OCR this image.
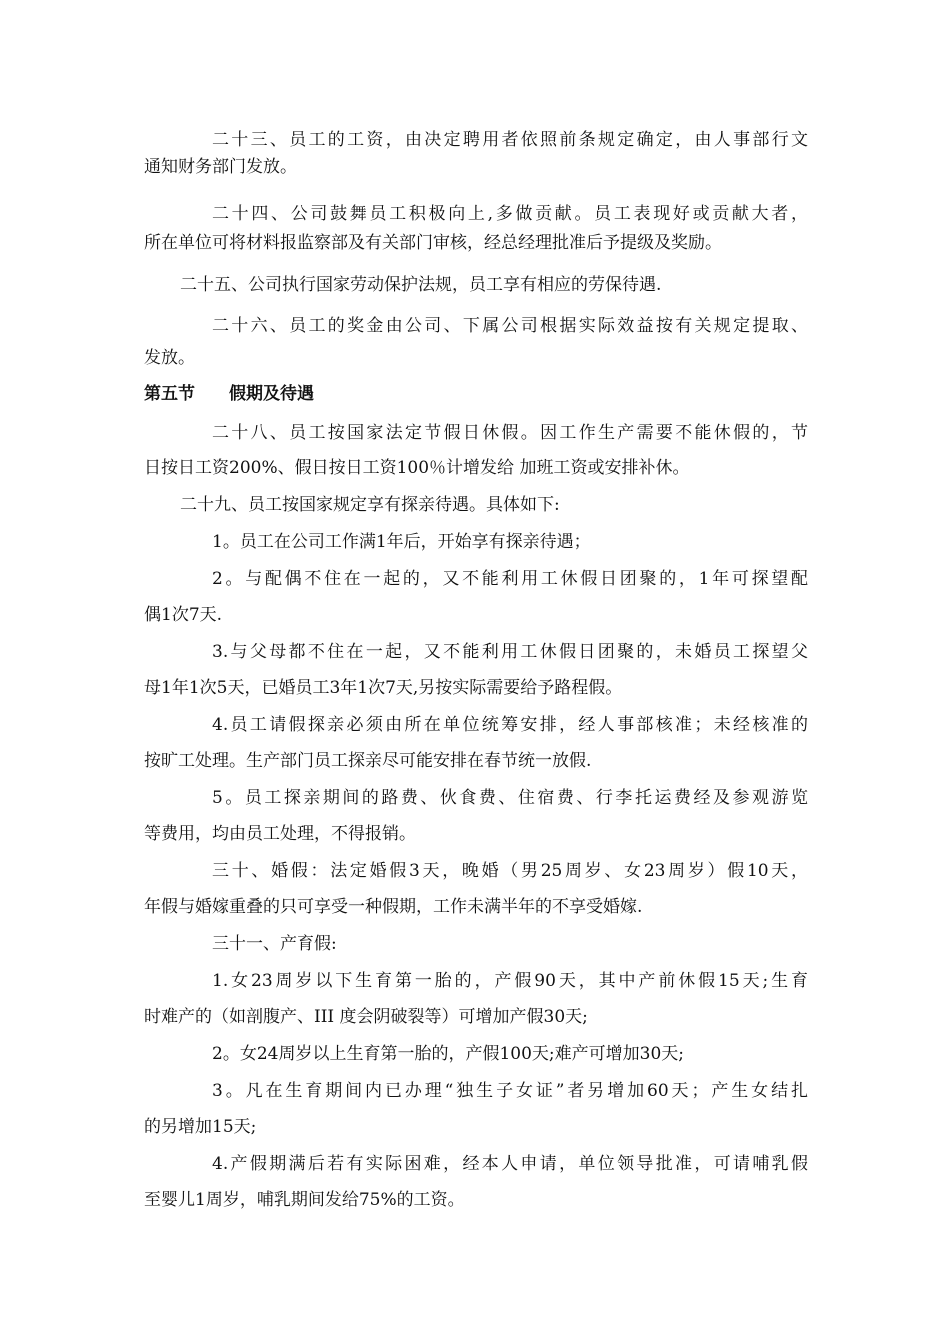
二十三、员工的工资，由决定聘用者依照前条规定确定，由人事部行文
通知财务部门发放。
二十四、公司鼓舞员工积极向上,多做贡献。员工表现好或贡献大者，
所在单位可将材料报监察部及有关部门审核，经总经理批准后予提级及奖励。
二十五、公司执行国家劳动保护法规，员工享有相应的劳保待遇.
二十六、员工的奖金由公司、下属公司根据实际效益按有关规定提取、
发放。
第五节 假期及待遇
二十八、员工按国家法定节假日休假。因工作生产需要不能休假的，节
日按日工资200%、假日按日工资100％计增发给 加班工资或安排补休。
二十九、员工按国家规定享有探亲待遇。具体如下:
1。员工在公司工作满1年后，开始享有探亲待遇；
2。与配偶不住在一起的，又不能利用工休假日团聚的，1年可探望配
偶1次7天.
3.与父母都不住在一起，又不能利用工休假日团聚的，未婚员工探望父
母1年1次5天，已婚员工3年1次7天,另按实际需要给予路程假。
4.员工请假探亲必须由所在单位统筹安排，经人事部核准；未经核准的
按旷工处理。生产部门员工探亲尽可能安排在春节统一放假.
5。员工探亲期间的路费、伙食费、住宿费、行李托运费经及参观游览
等费用，均由员工处理，不得报销。
三十、婚假：法定婚假3天，晚婚（男25周岁、女23周岁）假10天，
年假与婚嫁重叠的只可享受一种假期，工作未满半年的不享受婚嫁.
三十一、产育假:
1.女23周岁以下生育第一胎的，产假90天，其中产前休假15天;生育
时难产的（如剖腹产、III 度会阴破裂等）可增加产假30天;
2。女24周岁以上生育第一胎的，产假100天;难产可增加30天;
3。凡在生育期间内已办理“独生子女证”者另增加60天；产生女结扎
的另增加15天;
4.产假期满后若有实际困难，经本人申请，单位领导批准，可请哺乳假
至婴儿1周岁，哺乳期间发给75%的工资。
